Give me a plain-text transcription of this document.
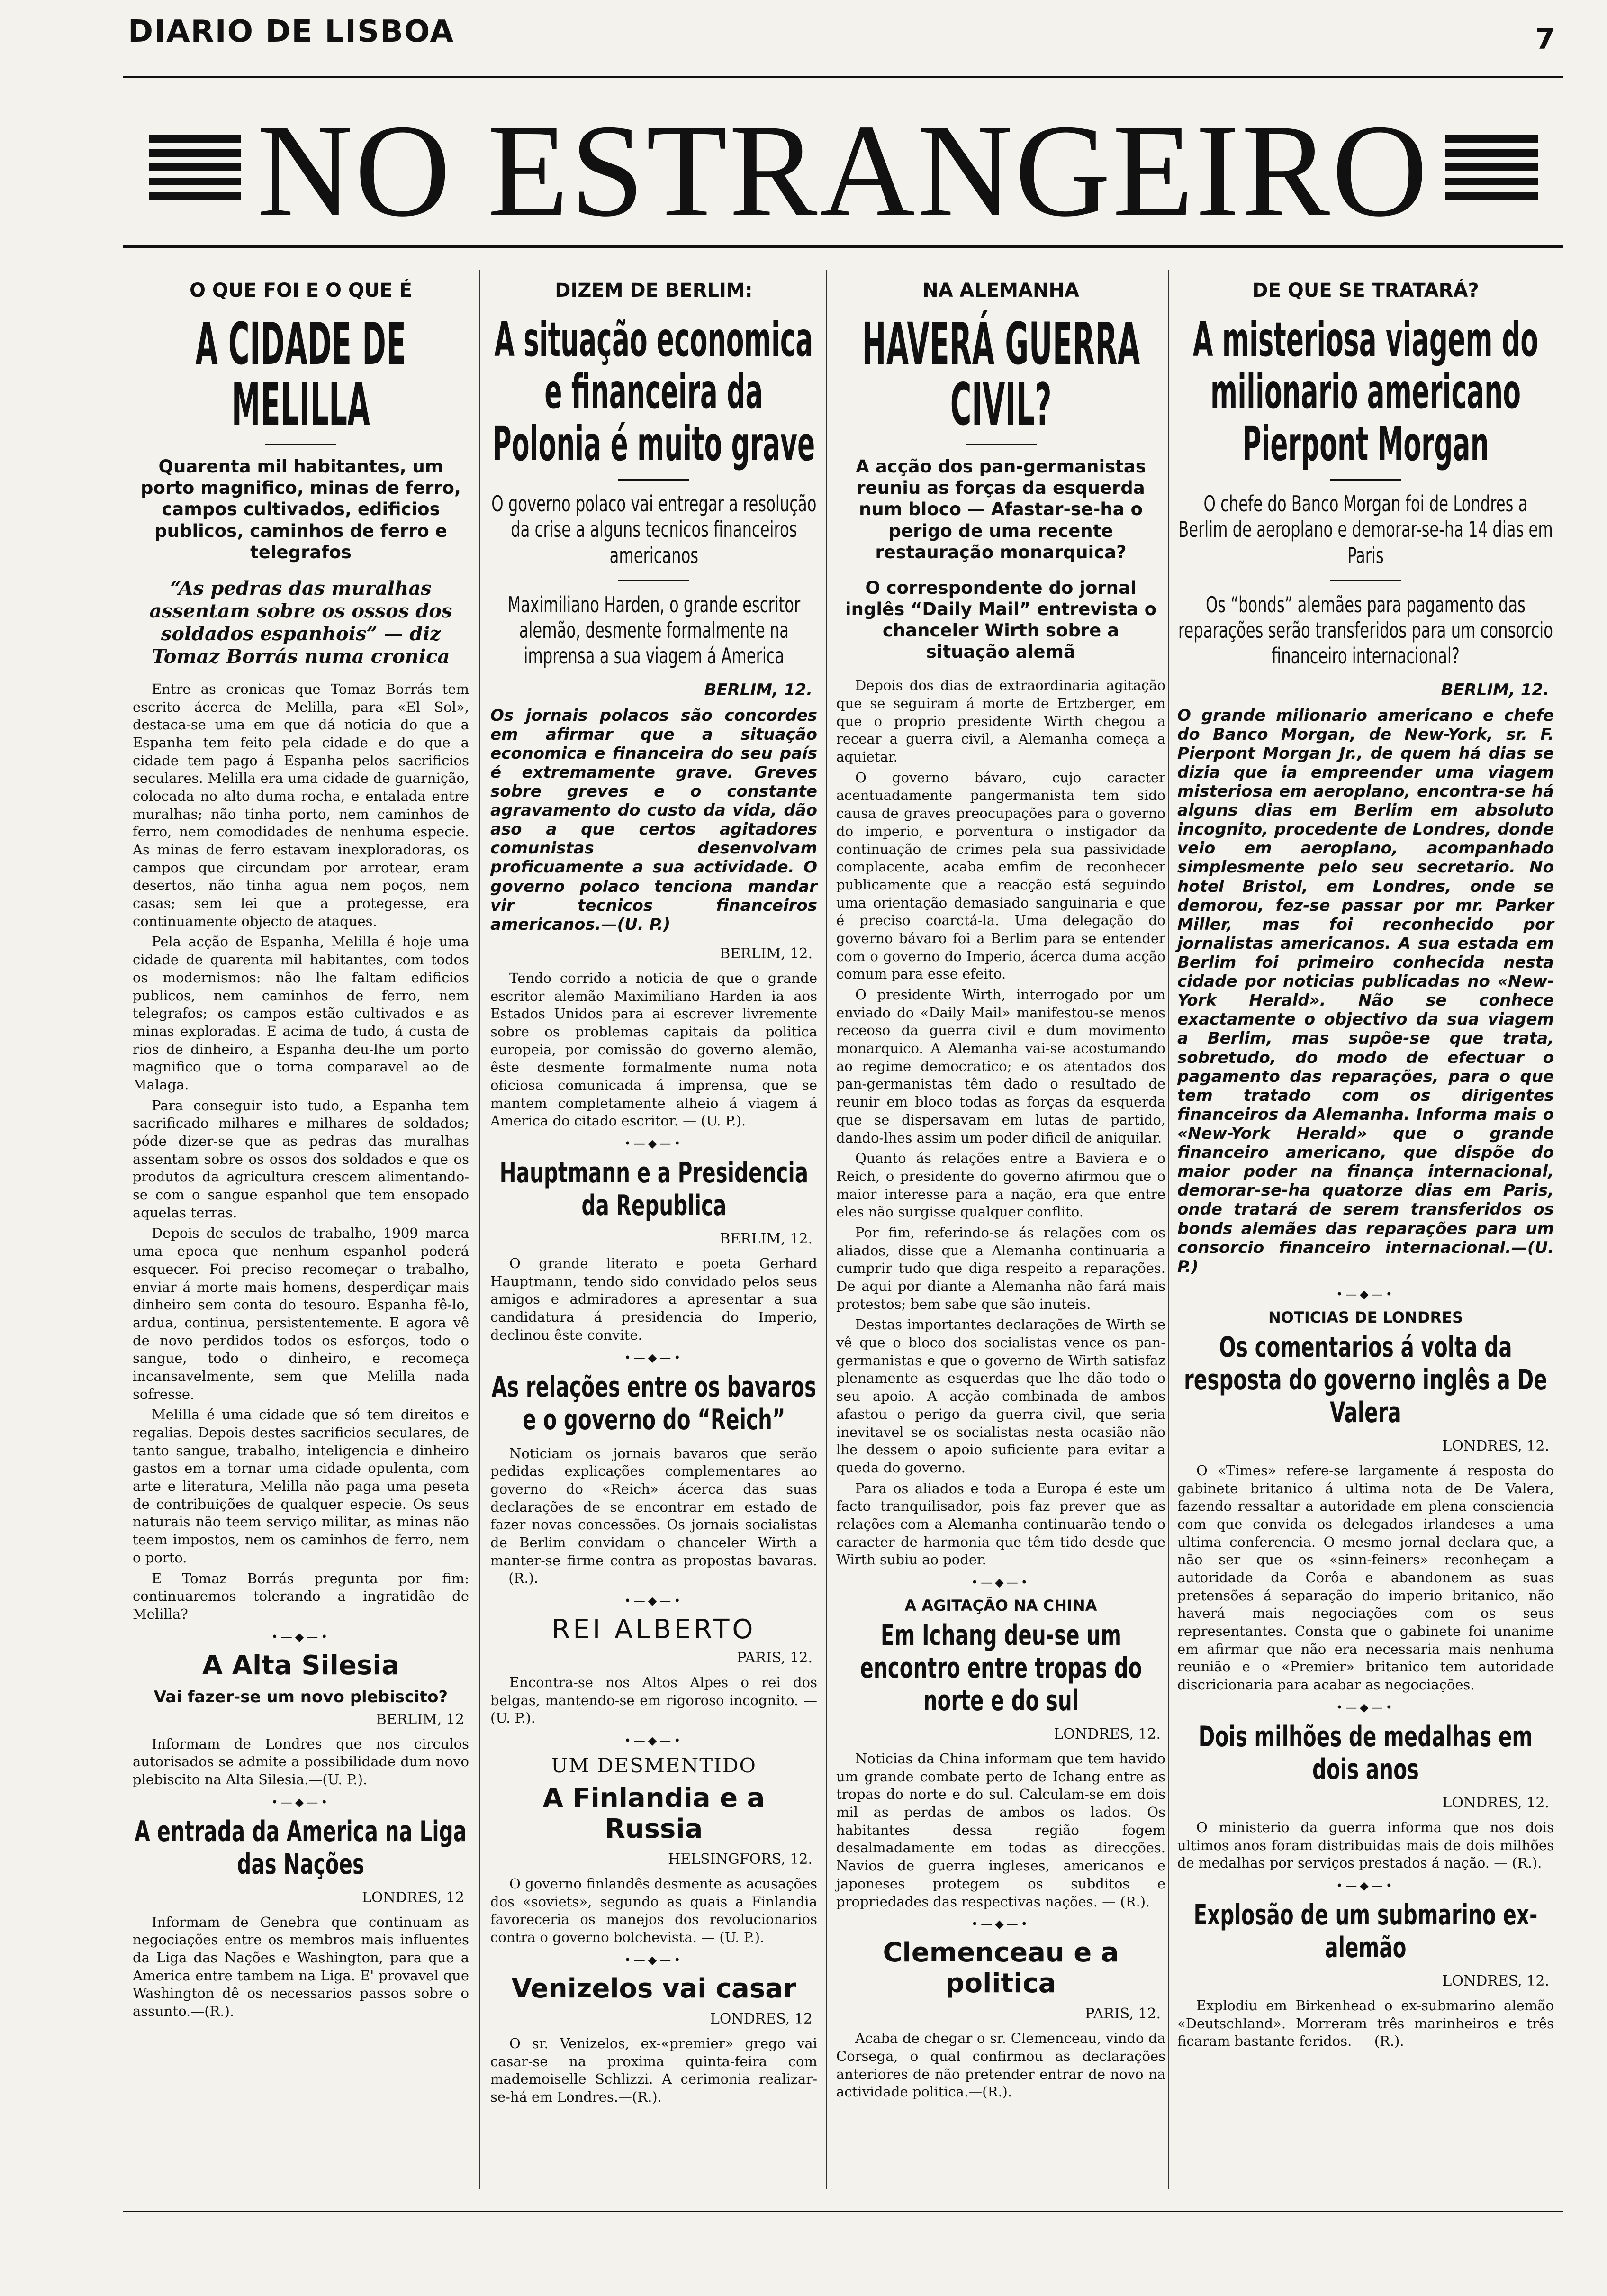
DIARIO DE LISBOA	7
NO ESTRANGEIRO
O QUE FOI E O QUE É
A CIDADE DE MELILLA
Quarenta mil habitantes, um porto magnifico, minas de ferro, campos cultivados, edificios publicos, caminhos de ferro e telegrafos
“As pedras das muralhas assentam sobre os ossos dos soldados espanhois” — diz Tomaz Borrás numa cronica

Entre as cronicas que Tomaz Borrás tem escrito ácerca de Melilla, para «El Sol», destaca-se uma em que dá noticia do que a Espanha tem feito pela cidade e do que a cidade tem pago á Espanha pelos sacrificios seculares. Melilla era uma cidade de guarnição, colocada no alto duma rocha, e entalada entre muralhas; não tinha porto, nem caminhos de ferro, nem comodidades de nenhuma especie. As minas de ferro estavam inexploradoras, os campos que circundam por arrotear, eram desertos, não tinha agua nem poços, nem casas; sem lei que a protegesse, era continuamente objecto de ataques.

Pela acção de Espanha, Melilla é hoje uma cidade de quarenta mil habitantes, com todos os modernismos: não lhe faltam edificios publicos, nem caminhos de ferro, nem telegrafos; os campos estão cultivados e as minas exploradas. E acima de tudo, á custa de rios de dinheiro, a Espanha deu-lhe um porto magnifico que o torna comparavel ao de Malaga.

Para conseguir isto tudo, a Espanha tem sacrificado milhares e milhares de soldados; póde dizer-se que as pedras das muralhas assentam sobre os ossos dos soldados e que os produtos da agricultura crescem alimentando-se com o sangue espanhol que tem ensopado aquelas terras.

Depois de seculos de trabalho, 1909 marca uma epoca que nenhum espanhol poderá esquecer. Foi preciso recomeçar o trabalho, enviar á morte mais homens, desperdiçar mais dinheiro sem conta do tesouro. Espanha fê-lo, ardua, continua, persistentemente. E agora vê de novo perdidos todos os esforços, todo o sangue, todo o dinheiro, e recomeça incansavelmente, sem que Melilla nada sofresse.

Melilla é uma cidade que só tem direitos e regalias. Depois destes sacrificios seculares, de tanto sangue, trabalho, inteligencia e dinheiro gastos em a tornar uma cidade opulenta, com arte e literatura, Melilla não paga uma peseta de contribuições de qualquer especie. Os seus naturais não teem serviço militar, as minas não teem impostos, nem os caminhos de ferro, nem o porto.

E Tomaz Borrás pregunta por fim: continuaremos tolerando a ingratidão de Melilla?

•—◆—•
A Alta Silesia
Vai fazer-se um novo plebiscito?
BERLIM, 12

Informam de Londres que nos circulos autorisados se admite a possibilidade dum novo plebiscito na Alta Silesia.—(U. P.).

•—◆—•
A entrada da America na Liga das Nações
LONDRES, 12

Informam de Genebra que continuam as negociações entre os membros mais influentes da Liga das Nações e Washington, para que a America entre tambem na Liga. E' provavel que Washington dê os necessarios passos sobre o assunto.—(R.).

DIZEM DE BERLIM:
A situação economica e financeira da Polonia é muito grave
O governo polaco vai entregar a resolução da crise a alguns tecnicos financeiros americanos
Maximiliano Harden, o grande escritor alemão, desmente formalmente na imprensa a sua viagem á America
BERLIM, 12.

Os jornais polacos são concordes em afirmar que a situação economica e financeira do seu país é extremamente grave. Greves sobre greves e o constante agravamento do custo da vida, dão aso a que certos agitadores comunistas desenvolvam proficuamente a sua actividade. O governo polaco tenciona mandar vir tecnicos financeiros americanos.—(U. P.)

BERLIM, 12.

Tendo corrido a noticia de que o grande escritor alemão Maximiliano Harden ia aos Estados Unidos para ai escrever livremente sobre os problemas capitais da politica europeia, por comissão do governo alemão, êste desmente formalmente numa nota oficiosa comunicada á imprensa, que se mantem completamente alheio á viagem á America do citado escritor. — (U. P.).

•—◆—•
Hauptmann e a Presidencia da Republica
BERLIM, 12.

O grande literato e poeta Gerhard Hauptmann, tendo sido convidado pelos seus amigos e admiradores a apresentar a sua candidatura á presidencia do Imperio, declinou êste convite.

•—◆—•
As relações entre os bavaros e o governo do “Reich”

Noticiam os jornais bavaros que serão pedidas explicações complementares ao governo do «Reich» ácerca das suas declarações de se encontrar em estado de fazer novas concessões. Os jornais socialistas de Berlim convidam o chanceler Wirth a manter-se firme contra as propostas bavaras. — (R.).

•—◆—•
REI ALBERTO
PARIS, 12.

Encontra-se nos Altos Alpes o rei dos belgas, mantendo-se em rigoroso incognito. — (U. P.).

•—◆—•
UM DESMENTIDO
A Finlandia e a Russia
HELSINGFORS, 12.

O governo finlandês desmente as acusações dos «soviets», segundo as quais a Finlandia favoreceria os manejos dos revolucionarios contra o governo bolchevista. — (U. P.).

•—◆—•
Venizelos vai casar
LONDRES, 12

O sr. Venizelos, ex-«premier» grego vai casar-se na proxima quinta-feira com mademoiselle Schlizzi. A cerimonia realizar-se-há em Londres.—(R.).

NA ALEMANHA
HAVERÁ GUERRA CIVIL?
A acção dos pan-germanistas reuniu as forças da esquerda num bloco — Afastar-se-ha o perigo de uma recente restauração monarquica?
O correspondente do jornal inglês “Daily Mail” entrevista o chanceler Wirth sobre a situação alemã

Depois dos dias de extraordinaria agitação que se seguiram á morte de Ertzberger, em que o proprio presidente Wirth chegou a recear a guerra civil, a Alemanha começa a aquietar.

O governo bávaro, cujo caracter acentuadamente pangermanista tem sido causa de graves preocupações para o governo do imperio, e porventura o instigador da continuação de crimes pela sua passividade complacente, acaba emfim de reconhecer publicamente que a reacção está seguindo uma orientação demasiado sanguinaria e que é preciso coarctá-la. Uma delegação do governo bávaro foi a Berlim para se entender com o governo do Imperio, ácerca duma acção comum para esse efeito.

O presidente Wirth, interrogado por um enviado do «Daily Mail» manifestou-se menos receoso da guerra civil e dum movimento monarquico. A Alemanha vai-se acostumando ao regime democratico; e os atentados dos pan-germanistas têm dado o resultado de reunir em bloco todas as forças da esquerda que se dispersavam em lutas de partido, dando-lhes assim um poder dificil de aniquilar.

Quanto ás relações entre a Baviera e o Reich, o presidente do governo afirmou que o maior interesse para a nação, era que entre eles não surgisse qualquer conflito.

Por fim, referindo-se ás relações com os aliados, disse que a Alemanha continuaria a cumprir tudo que diga respeito a reparações. De aqui por diante a Alemanha não fará mais protestos; bem sabe que são inuteis.

Destas importantes declarações de Wirth se vê que o bloco dos socialistas vence os pan-germanistas e que o governo de Wirth satisfaz plenamente as esquerdas que lhe dão todo o seu apoio. A acção combinada de ambos afastou o perigo da guerra civil, que seria inevitavel se os socialistas nesta ocasião não lhe dessem o apoio suficiente para evitar a queda do governo.

Para os aliados e toda a Europa é este um facto tranquilisador, pois faz prever que as relações com a Alemanha continuarão tendo o caracter de harmonia que têm tido desde que Wirth subiu ao poder.

•—◆—•
A AGITAÇÃO NA CHINA
Em Ichang deu-se um encontro entre tropas do norte e do sul
LONDRES, 12.

Noticias da China informam que tem havido um grande combate perto de Ichang entre as tropas do norte e do sul. Calculam-se em dois mil as perdas de ambos os lados. Os habitantes dessa região fogem desalmadamente em todas as direcções. Navios de guerra ingleses, americanos e japoneses protegem os subditos e propriedades das respectivas nações. — (R.).

•—◆—•
Clemenceau e a politica
PARIS, 12.

Acaba de chegar o sr. Clemenceau, vindo da Corsega, o qual confirmou as declarações anteriores de não pretender entrar de novo na actividade politica.—(R.).

DE QUE SE TRATARÁ?
A misteriosa viagem do milionario americano Pierpont Morgan
O chefe do Banco Morgan foi de Londres a Berlim de aeroplano e demorar-se-ha 14 dias em Paris
Os “bonds” alemães para pagamento das reparações serão transferidos para um consorcio financeiro internacional?
BERLIM, 12.

O grande milionario americano e chefe do Banco Morgan, de New-York, sr. F. Pierpont Morgan Jr., de quem há dias se dizia que ia empreender uma viagem misteriosa em aeroplano, encontra-se há alguns dias em Berlim em absoluto incognito, procedente de Londres, donde veio em aeroplano, acompanhado simplesmente pelo seu secretario. No hotel Bristol, em Londres, onde se demorou, fez-se passar por mr. Parker Miller, mas foi reconhecido por jornalistas americanos. A sua estada em Berlim foi primeiro conhecida nesta cidade por noticias publicadas no «New-York Herald». Não se conhece exactamente o objectivo da sua viagem a Berlim, mas supõe-se que trata, sobretudo, do modo de efectuar o pagamento das reparações, para o que tem tratado com os dirigentes financeiros da Alemanha. Informa mais o «New-York Herald» que o grande financeiro americano, que dispõe do maior poder na finança internacional, demorar-se-ha quatorze dias em Paris, onde tratará de serem transferidos os bonds alemães das reparações para um consorcio financeiro internacional.—(U. P.)

•—◆—•
NOTICIAS DE LONDRES
Os comentarios á volta da resposta do governo inglês a De Valera
LONDRES, 12.

O «Times» refere-se largamente á resposta do gabinete britanico á ultima nota de De Valera, fazendo ressaltar a autoridade em plena consciencia com que convida os delegados irlandeses a uma ultima conferencia. O mesmo jornal declara que, a não ser que os «sinn-feiners» reconheçam a autoridade da Corôa e abandonem as suas pretensões á separação do imperio britanico, não haverá mais negociações com os seus representantes. Consta que o gabinete foi unanime em afirmar que não era necessaria mais nenhuma reunião e o «Premier» britanico tem autoridade discricionaria para acabar as negociações.

•—◆—•
Dois milhões de medalhas em dois anos
LONDRES, 12.

O ministerio da guerra informa que nos dois ultimos anos foram distribuidas mais de dois milhões de medalhas por serviços prestados á nação. — (R.).

•—◆—•
Explosão de um submarino ex-alemão
LONDRES, 12.

Explodiu em Birkenhead o ex-submarino alemão «Deutschland». Morreram três marinheiros e três ficaram bastante feridos. — (R.).
